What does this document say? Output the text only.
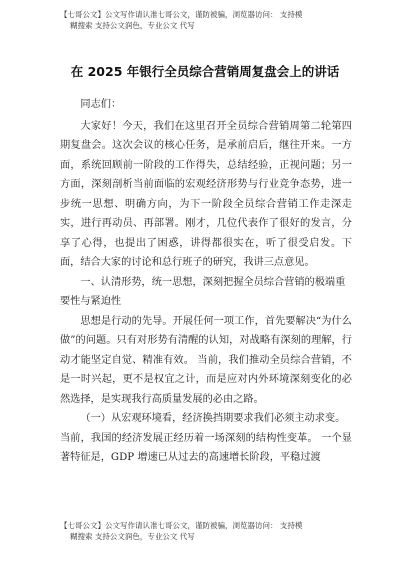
【七哥公文】公文写作请认准七哥公文，谨防被骗，浏览器访问： 支持模
糊搜索 支持公文润色，专业公文 代写
在 2025 年银行全员综合营销周复盘会上的讲话

同志们：

大家好！今天，我们在这里召开全员综合营销周第二轮第四期复盘会。这次会议的核心任务，是承前启后，继往开来。一方面，系统回顾前一阶段的工作得失，总结经验，正视问题；另一方面，深刻剖析当前面临的宏观经济形势与行业竞争态势，进一步统一思想、明确方向，为下一阶段全员综合营销工作走深走实，进行再动员、再部署。刚才，几位代表作了很好的发言，分享了心得，也提出了困惑，讲得都很实在，听了很受启发。下面，结合大家的讨论和总行班子的研究，我讲三点意见。

一、认清形势，统一思想，深刻把握全员综合营销的极端重要性与紧迫性

思想是行动的先导。开展任何一项工作，首先要解决“为什么做”的问题。只有对形势有清醒的认知，对战略有深刻的理解，行动才能坚定自觉、精准有效。 当前，我们推动全员综合营销，不是一时兴起，更不是权宜之计，而是应对内外环境深刻变化的必然选择，是实现我行高质量发展的必由之路。

（一）从宏观环境看，经济换挡期要求我们必须主动求变。

当前，我国的经济发展正经历着一场深刻的结构性变革。 一个显著特征是，GDP 增速已从过去的高速增长阶段，平稳过渡

【七哥公文】公文写作请认准七哥公文，谨防被骗，浏览器访问： 支持模
糊搜索 支持公文润色，专业公文 代写
